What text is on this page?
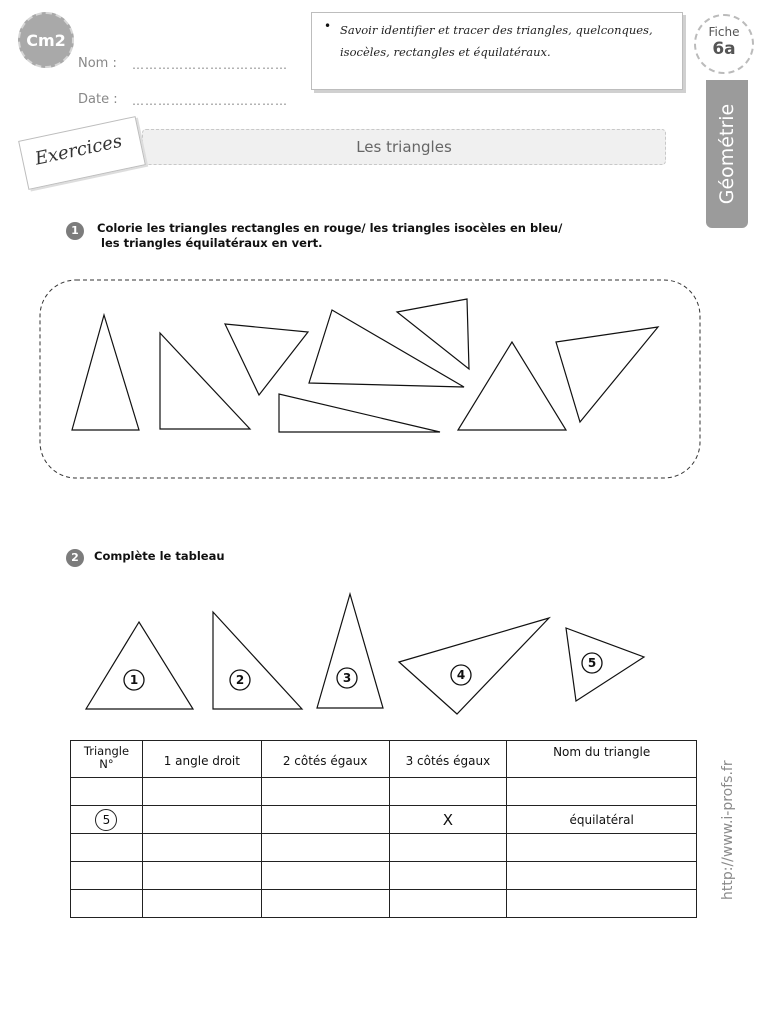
Cm2
Nom : ………………………………
Date : ………………………………
• Savoir identifier et tracer des triangles, quelconques, isocèles, rectangles et équilatéraux.
Fiche
6a
Géométrie
Les triangles
Exercices
1	Colorie les triangles rectangles en rouge/ les triangles isocèles en bleu/
les triangles équilatéraux en vert.
2	Complète le tableau
1	2	3	4
5
Triangle N°	1 angle droit	2 côtés égaux	3 côtés égaux	Nom du triangle

5			X	équilatéral

					http://www.i-profs.fr
